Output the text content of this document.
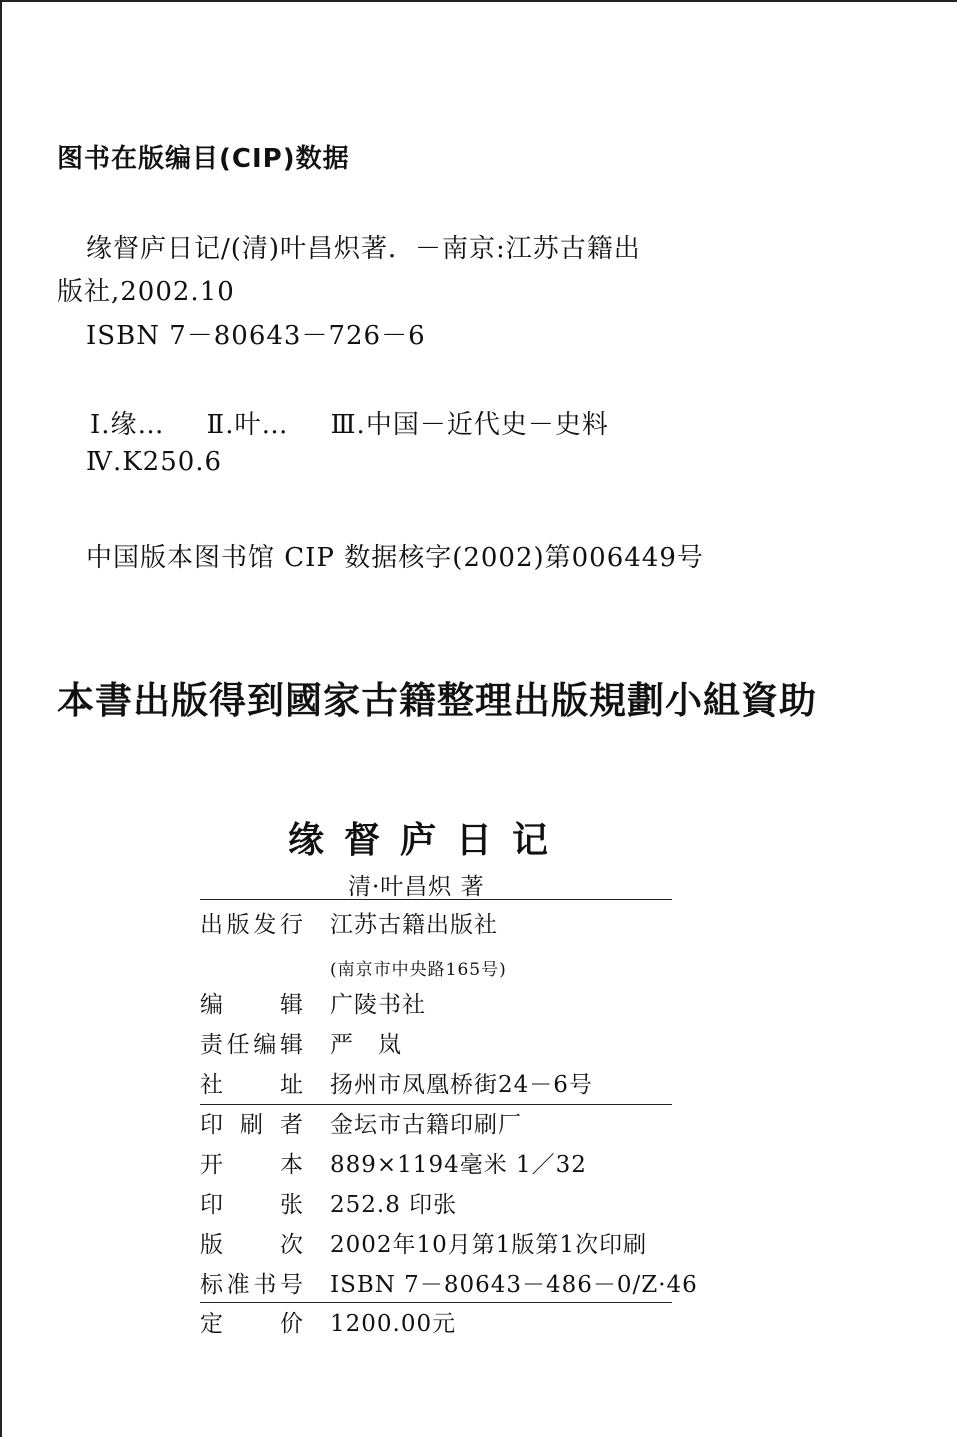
图书在版编目(CIP)数据
缘督庐日记/(清)叶昌炽著．－南京:江苏古籍出
版社,2002.10
ISBN 7－80643－726－6
Ⅰ.缘… Ⅱ.叶… Ⅲ.中国－近代史－史料
Ⅳ.K250.6
中国版本图书馆 CIP 数据核字(2002)第006449号
本書出版得到國家古籍整理出版規劃小組資助
缘督庐日记
清·叶昌炽 著
出 版 发 行 江苏古籍出版社
(南京市中央路165号)
编 辑 广陵书社
责 任 编 辑 严　岚
社 址 扬州市凤凰桥街24－6号
印 刷 者 金坛市古籍印刷厂
开 本 889×1194毫米 1／32
印 张 252.8 印张
版 次 2002年10月第1版第1次印刷
标 准 书 号 ISBN 7－80643－486－0/Z·46
定 价 1200.00元
